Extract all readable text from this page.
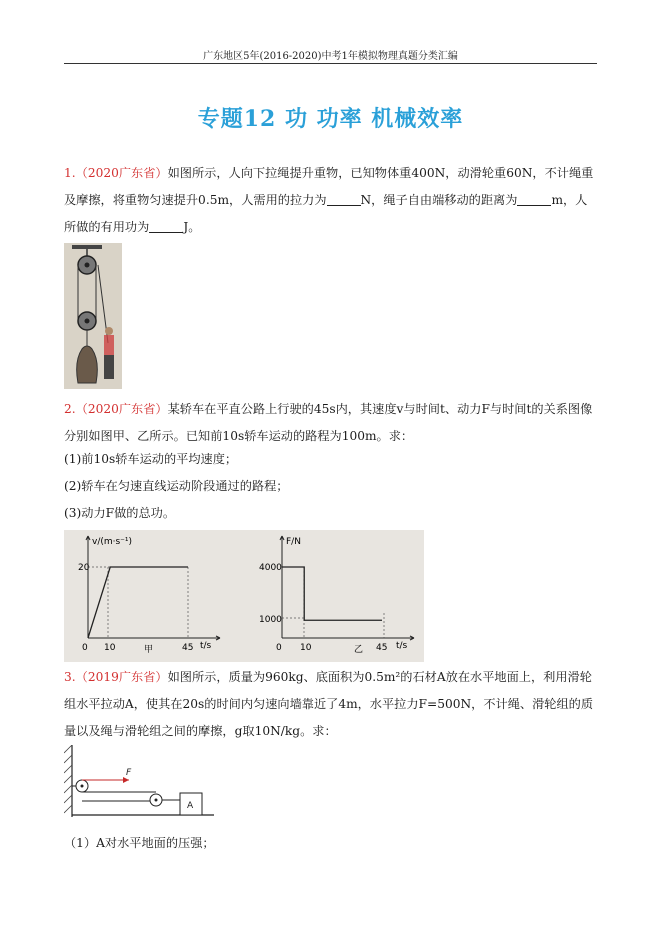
广东地区5年(2016-2020)中考1年模拟物理真题分类汇编
专题12 功 功率 机械效率
1.（2020广东省）如图所示，人向下拉绳提升重物，已知物体重400N，动滑轮重60N，不计绳重及摩擦，将重物匀速提升0.5m，人需用的拉力为	N，绳子自由端移动的距离为	m，人所做的有用功为	J。
2.（2020广东省）某轿车在平直公路上行驶的45s内，其速度v与时间t、动力F与时间t的关系图像分别如图甲、乙所示。已知前10s轿车运动的路程为100m。求：
(1)前10s轿车运动的平均速度；
(2)轿车在匀速直线运动阶段通过的路程；
(3)动力F做的总功。
v/(m·s⁻¹)
t/s
20
0 10	45
甲
F/N
t/s
4000
1000
0 10	45
乙
3.（2019广东省）如图所示，质量为960kg、底面积为0.5m²的石材A放在水平地面上，利用滑轮组水平拉动A，使其在20s的时间内匀速向墙靠近了4m，水平拉力F=500N，不计绳、滑轮组的质量以及绳与滑轮组之间的摩擦，g取10N/kg。求：
F
A
（1）A对水平地面的压强；
